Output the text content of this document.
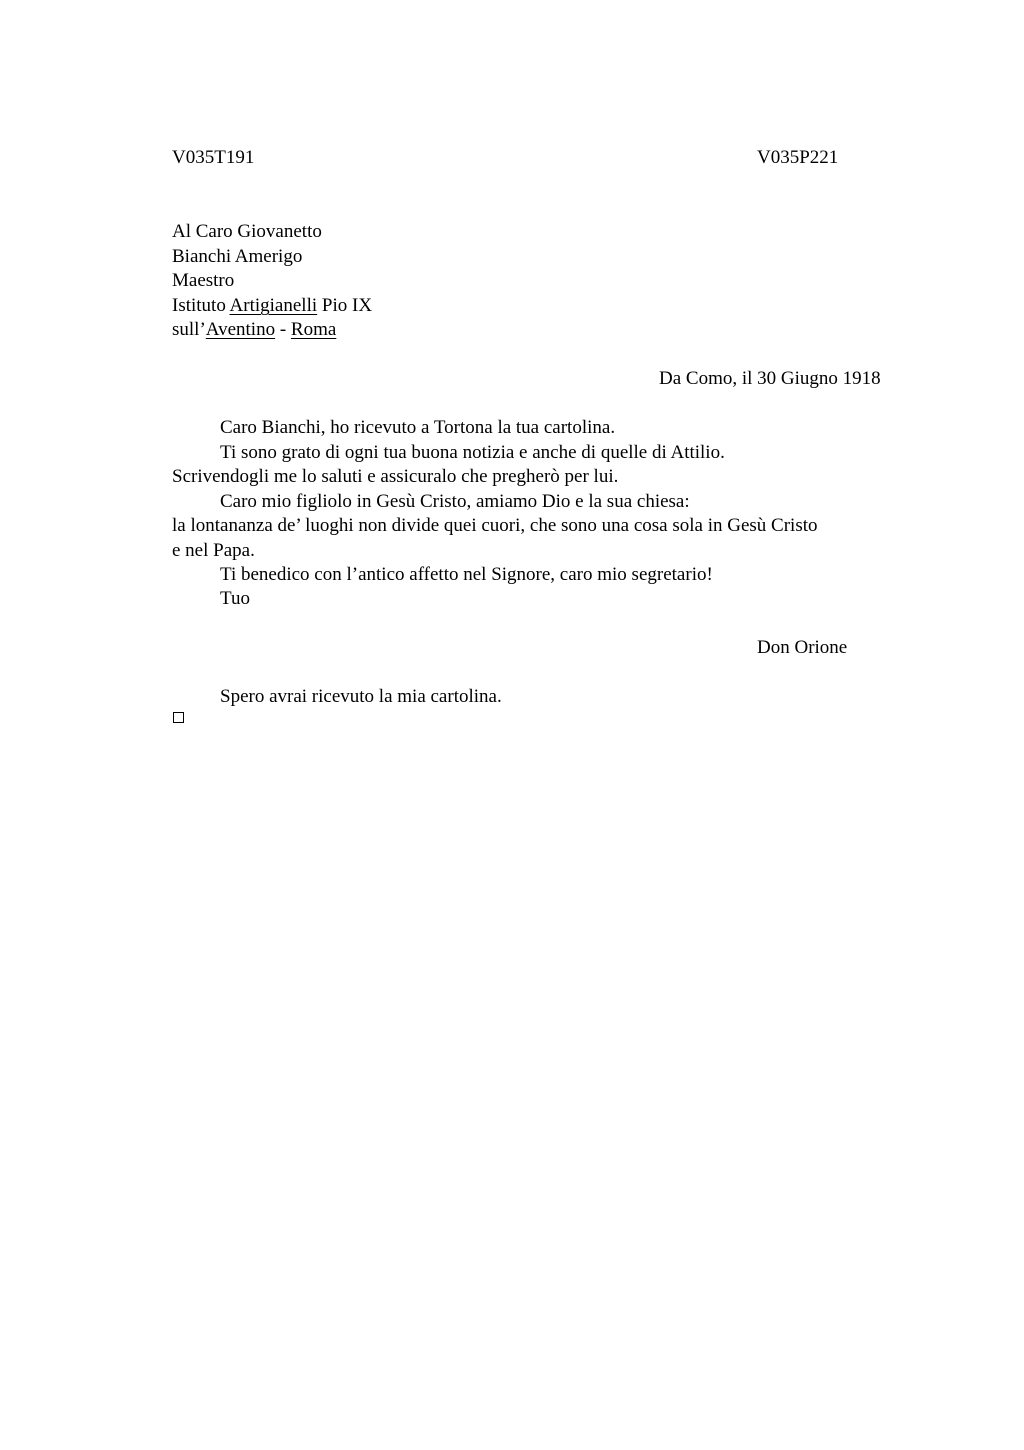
V035T191	V035P221
Al Caro Giovanetto
Bianchi Amerigo
Maestro
Istituto Artigianelli Pio IX
sull’Aventino - Roma
Da Como, il 30 Giugno 1918
Caro Bianchi, ho ricevuto a Tortona la tua cartolina.
Ti sono grato di ogni tua buona notizia e anche di quelle di Attilio.
Scrivendogli me lo saluti e assicuralo che pregherò per lui.
Caro mio figliolo in Gesù Cristo, amiamo Dio e la sua chiesa:
la lontananza de’ luoghi non divide quei cuori, che sono una cosa sola in Gesù Cristo
e nel Papa.
Ti benedico con l’antico affetto nel Signore, caro mio segretario!
Tuo
Don Orione
Spero avrai ricevuto la mia cartolina.
